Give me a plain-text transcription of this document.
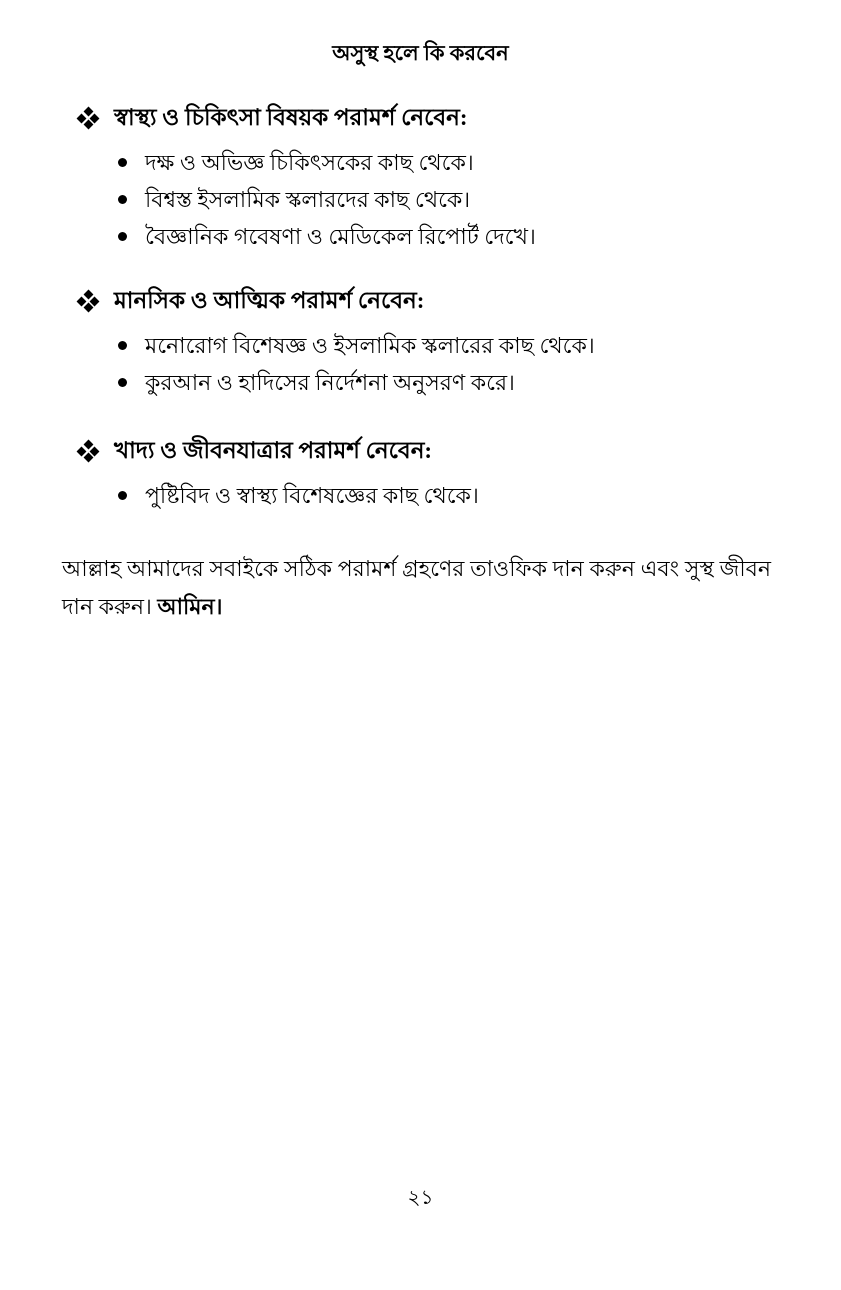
অসুস্থ হলে কি করবেন
স্বাস্থ্য ও চিকিৎসা বিষয়ক পরামর্শ নেবেন:
দক্ষ ও অভিজ্ঞ চিকিৎসকের কাছ থেকে।
বিশ্বস্ত ইসলামিক স্কলারদের কাছ থেকে।
বৈজ্ঞানিক গবেষণা ও মেডিকেল রিপোর্ট দেখে।
মানসিক ও আত্মিক পরামর্শ নেবেন:
মনোরোগ বিশেষজ্ঞ ও ইসলামিক স্কলারের কাছ থেকে।
কুরআন ও হাদিসের নির্দেশনা অনুসরণ করে।
খাদ্য ও জীবনযাত্রার পরামর্শ নেবেন:
পুষ্টিবিদ ও স্বাস্থ্য বিশেষজ্ঞের কাছ থেকে।

আল্লাহ আমাদের সবাইকে সঠিক পরামর্শ গ্রহণের তাওফিক দান করুন এবং সুস্থ জীবন দান করুন। আমিন।

২১
